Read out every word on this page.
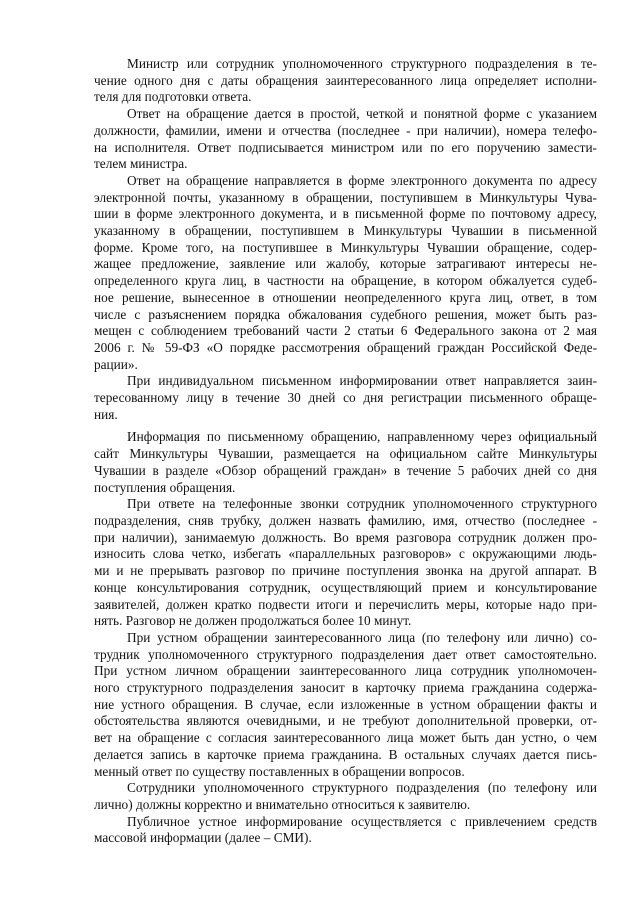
Министр или сотрудник уполномоченного структурного подразделения в те-
чение одного дня с даты обращения заинтересованного лица определяет исполни-
теля для подготовки ответа.
Ответ на обращение дается в простой, четкой и понятной форме с указанием
должности, фамилии, имени и отчества (последнее - при наличии), номера телефо-
на исполнителя. Ответ подписывается министром или по его поручению замести-
телем министра.
Ответ на обращение направляется в форме электронного документа по адресу
электронной почты, указанному в обращении, поступившем в Минкультуры Чува-
шии в форме электронного документа, и в письменной форме по почтовому адресу,
указанному в обращении, поступившем в Минкультуры Чувашии в письменной
форме. Кроме того, на поступившее в Минкультуры Чувашии обращение, содер-
жащее предложение, заявление или жалобу, которые затрагивают интересы не-
определенного круга лиц, в частности на обращение, в котором обжалуется судеб-
ное решение, вынесенное в отношении неопределенного круга лиц, ответ, в том
числе с разъяснением порядка обжалования судебного решения, может быть раз-
мещен с соблюдением требований части 2 статьи 6 Федерального закона от 2 мая
2006 г. № 59-ФЗ «О порядке рассмотрения обращений граждан Российской Феде-
рации».
При индивидуальном письменном информировании ответ направляется заин-
тересованному лицу в течение 30 дней со дня регистрации письменного обраще-
ния.
Информация по письменному обращению, направленному через официальный
сайт Минкультуры Чувашии, размещается на официальном сайте Минкультуры
Чувашии в разделе «Обзор обращений граждан» в течение 5 рабочих дней со дня
поступления обращения.
При ответе на телефонные звонки сотрудник уполномоченного структурного
подразделения, сняв трубку, должен назвать фамилию, имя, отчество (последнее -
при наличии), занимаемую должность. Во время разговора сотрудник должен про-
износить слова четко, избегать «параллельных разговоров» с окружающими людь-
ми и не прерывать разговор по причине поступления звонка на другой аппарат. В
конце консультирования сотрудник, осуществляющий прием и консультирование
заявителей, должен кратко подвести итоги и перечислить меры, которые надо при-
нять. Разговор не должен продолжаться более 10 минут.
При устном обращении заинтересованного лица (по телефону или лично) со-
трудник уполномоченного структурного подразделения дает ответ самостоятельно.
При устном личном обращении заинтересованного лица сотрудник уполномочен-
ного структурного подразделения заносит в карточку приема гражданина содержа-
ние устного обращения. В случае, если изложенные в устном обращении факты и
обстоятельства являются очевидными, и не требуют дополнительной проверки, от-
вет на обращение с согласия заинтересованного лица может быть дан устно, о чем
делается запись в карточке приема гражданина. В остальных случаях дается пись-
менный ответ по существу поставленных в обращении вопросов.
Сотрудники уполномоченного структурного подразделения (по телефону или
лично) должны корректно и внимательно относиться к заявителю.
Публичное устное информирование осуществляется с привлечением средств
массовой информации (далее – СМИ).
